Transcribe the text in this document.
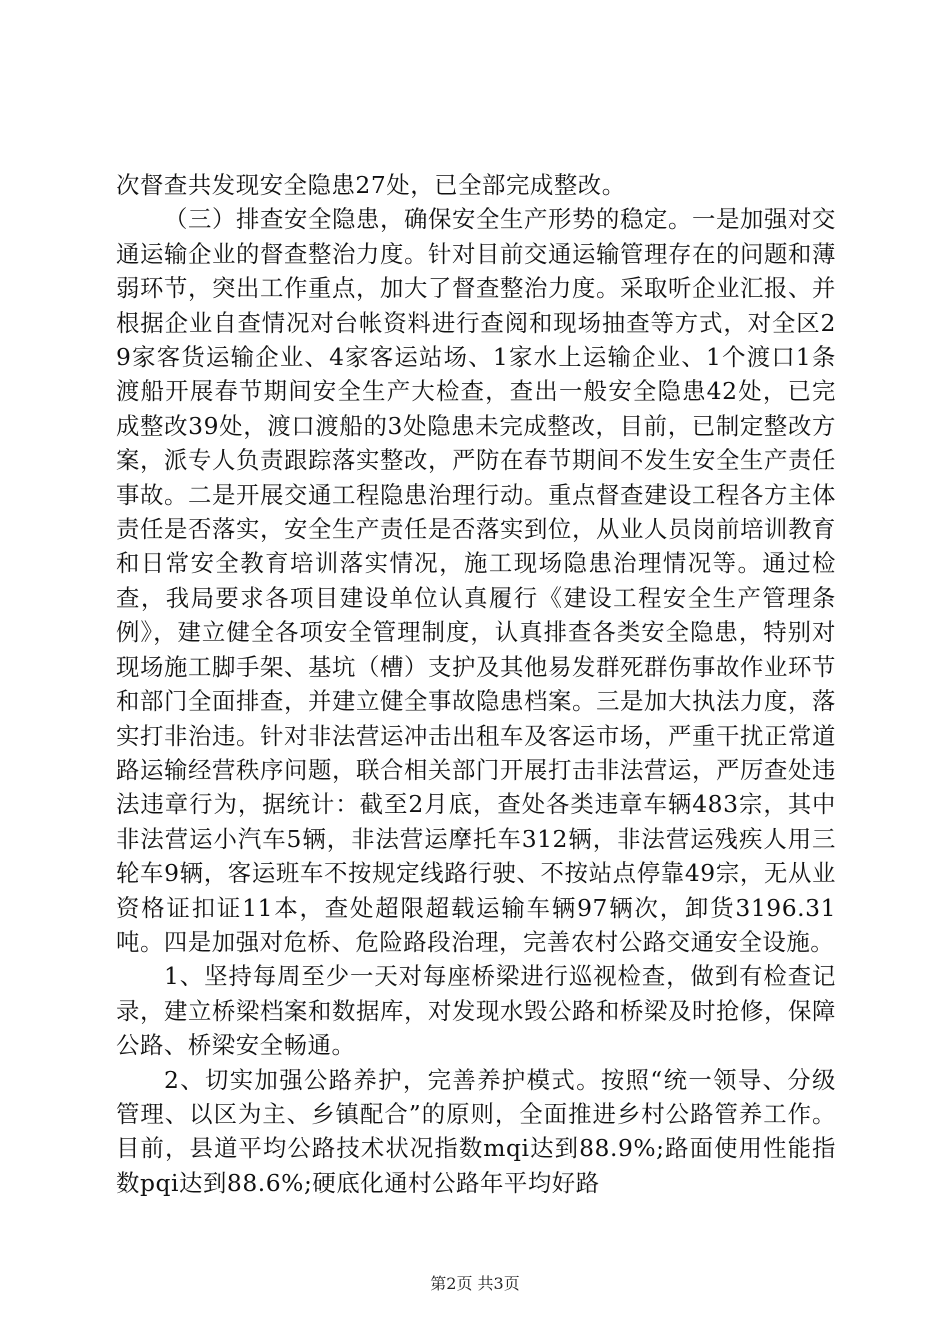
次督查共发现安全隐患27处，已全部完成整改。

（三）排查安全隐患，确保安全生产形势的稳定。一是加强对交通运输企业的督查整治力度。针对目前交通运输管理存在的问题和薄弱环节，突出工作重点，加大了督查整治力度。采取听企业汇报、并根据企业自查情况对台帐资料进行查阅和现场抽查等方式，对全区29家客货运输企业、4家客运站场、1家水上运输企业、1个渡口1条渡船开展春节期间安全生产大检查，查出一般安全隐患42处，已完成整改39处，渡口渡船的3处隐患未完成整改，目前，已制定整改方案，派专人负责跟踪落实整改，严防在春节期间不发生安全生产责任事故。二是开展交通工程隐患治理行动。重点督查建设工程各方主体责任是否落实，安全生产责任是否落实到位，从业人员岗前培训教育和日常安全教育培训落实情况，施工现场隐患治理情况等。通过检查，我局要求各项目建设单位认真履行《建设工程安全生产管理条例》，建立健全各项安全管理制度，认真排查各类安全隐患，特别对现场施工脚手架、基坑（槽）支护及其他易发群死群伤事故作业环节和部门全面排查，并建立健全事故隐患档案。三是加大执法力度，落实打非治违。针对非法营运冲击出租车及客运市场，严重干扰正常道路运输经营秩序问题，联合相关部门开展打击非法营运，严厉查处违法违章行为，据统计：截至2月底，查处各类违章车辆483宗，其中非法营运小汽车5辆，非法营运摩托车312辆，非法营运残疾人用三轮车9辆，客运班车不按规定线路行驶、不按站点停靠49宗，无从业资格证扣证11本，查处超限超载运输车辆97辆次，卸货3196.31吨。四是加强对危桥、危险路段治理，完善农村公路交通安全设施。

1、坚持每周至少一天对每座桥梁进行巡视检查，做到有检查记录，建立桥梁档案和数据库，对发现水毁公路和桥梁及时抢修，保障公路、桥梁安全畅通。

2、切实加强公路养护，完善养护模式。按照“统一领导、分级管理、以区为主、乡镇配合”的原则，全面推进乡村公路管养工作。目前，县道平均公路技术状况指数mqi达到88.9%;路面使用性能指数pqi达到88.6%;硬底化通村公路年平均好路

第2页 共3页
